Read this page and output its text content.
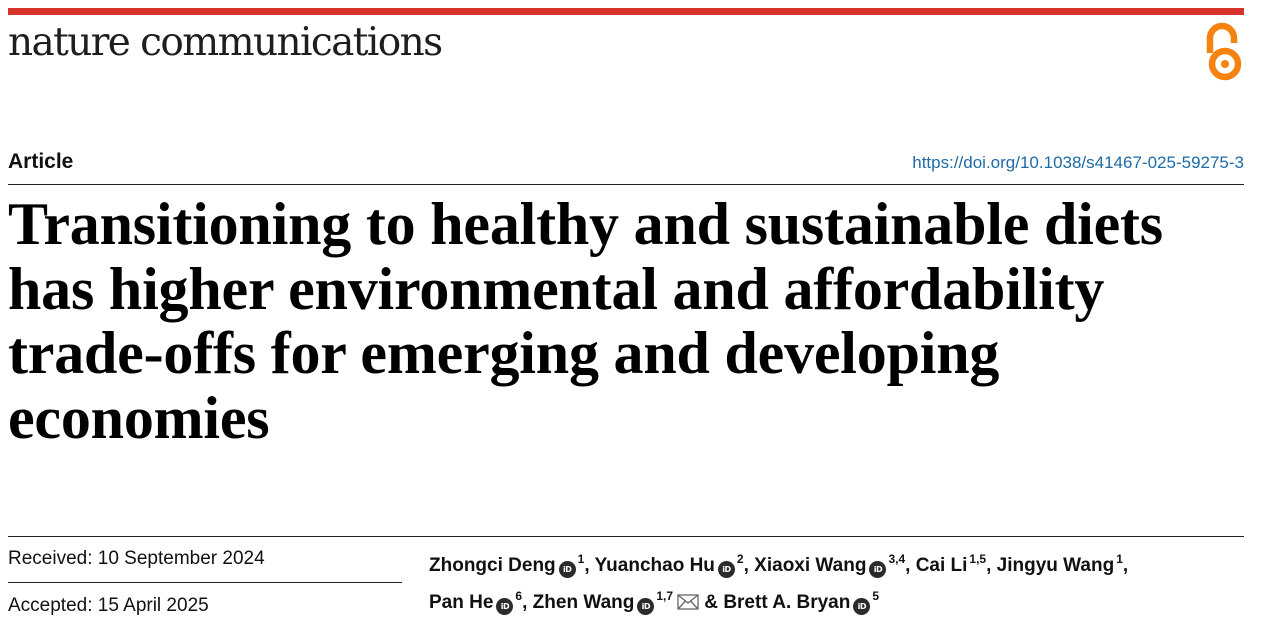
nature communications
Article	https://doi.org/10.1038/s41467-025-59275-3
Transitioning to healthy and sustainable diets has higher environmental and affordability trade-offs for emerging and developing economies
Received: 10 September 2024
Accepted: 15 April 2025
Zhongci Deng iD$^1$, Yuanchao Hu iD$^2$, Xiaoxi Wang iD$^{3,4}$, Cai Li $^{1,5}$, Jingyu Wang $^1$,
Pan He iD$^6$, Zhen Wang iD$^{1,7}$ & Brett A. Bryan iD$^5$
